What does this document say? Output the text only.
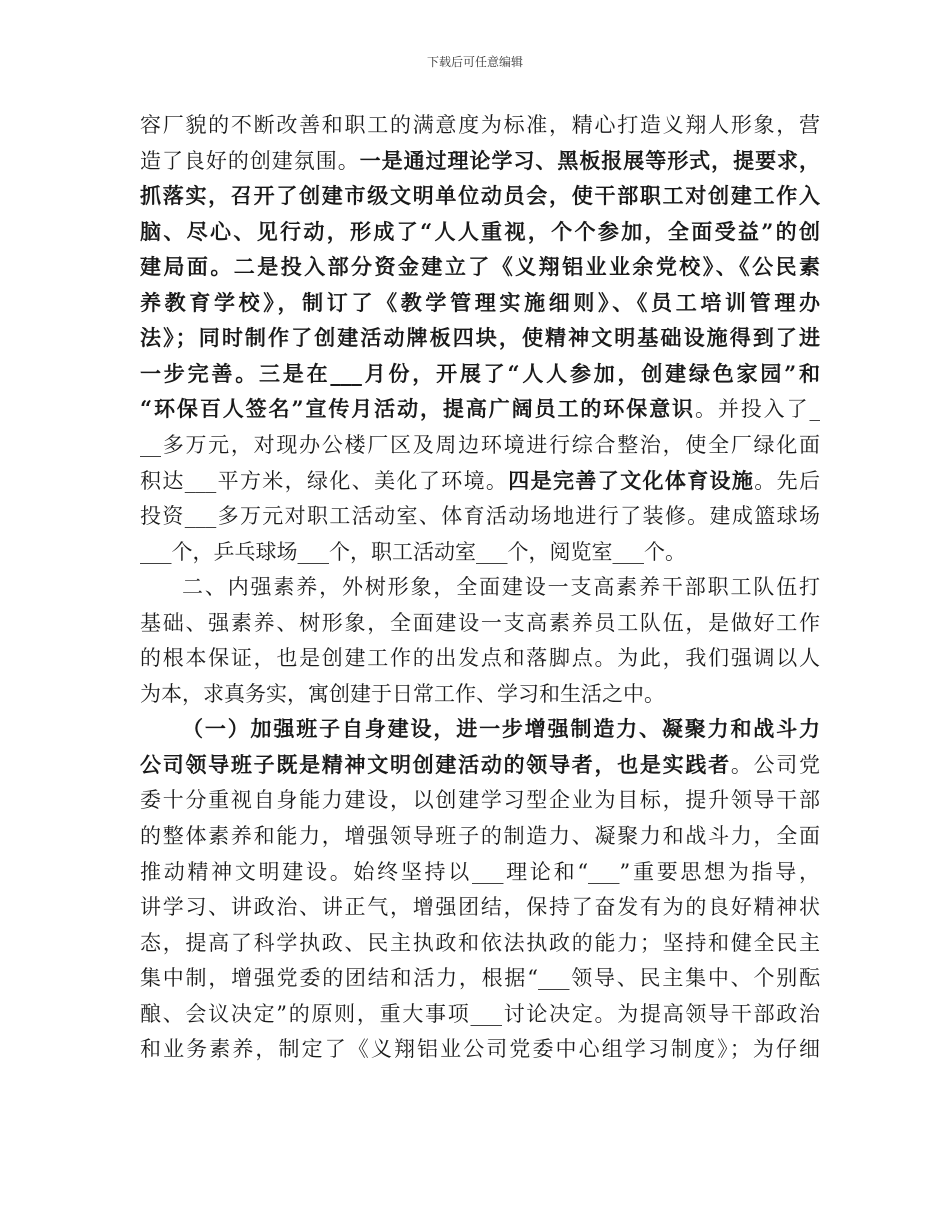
下载后可任意编辑
容厂貌的不断改善和职工的满意度为标准，精心打造义翔人形象，营
造了良好的创建氛围。一是通过理论学习、黑板报展等形式，提要求，
抓落实，召开了创建市级文明单位动员会，使干部职工对创建工作入
脑、尽心、见行动，形成了“人人重视，个个参加，全面受益”的创
建局面。二是投入部分资金建立了《义翔铝业业余党校》、《公民素
养教育学校》，制订了《教学管理实施细则》、《员工培训管理办
法》；同时制作了创建活动牌板四块，使精神文明基础设施得到了进
一步完善。三是在___月份，开展了“人人参加，创建绿色家园”和
“环保百人签名”宣传月活动，提高广阔员工的环保意识。并投入了_
__多万元，对现办公楼厂区及周边环境进行综合整治，使全厂绿化面
积达___平方米，绿化、美化了环境。四是完善了文化体育设施。先后
投资___多万元对职工活动室、体育活动场地进行了装修。建成篮球场
___个，乒乓球场___个，职工活动室___个，阅览室___个。
二、内强素养，外树形象，全面建设一支高素养干部职工队伍打
基础、强素养、树形象，全面建设一支高素养员工队伍，是做好工作
的根本保证，也是创建工作的出发点和落脚点。为此，我们强调以人
为本，求真务实，寓创建于日常工作、学习和生活之中。
（一）加强班子自身建设，进一步增强制造力、凝聚力和战斗力
公司领导班子既是精神文明创建活动的领导者，也是实践者。公司党
委十分重视自身能力建设，以创建学习型企业为目标，提升领导干部
的整体素养和能力，增强领导班子的制造力、凝聚力和战斗力，全面
推动精神文明建设。始终坚持以___理论和“___”重要思想为指导，
讲学习、讲政治、讲正气，增强团结，保持了奋发有为的良好精神状
态，提高了科学执政、民主执政和依法执政的能力；坚持和健全民主
集中制，增强党委的团结和活力，根据“___领导、民主集中、个别酝
酿、会议决定”的原则，重大事项___讨论决定。为提高领导干部政治
和业务素养，制定了《义翔铝业公司党委中心组学习制度》；为仔细
